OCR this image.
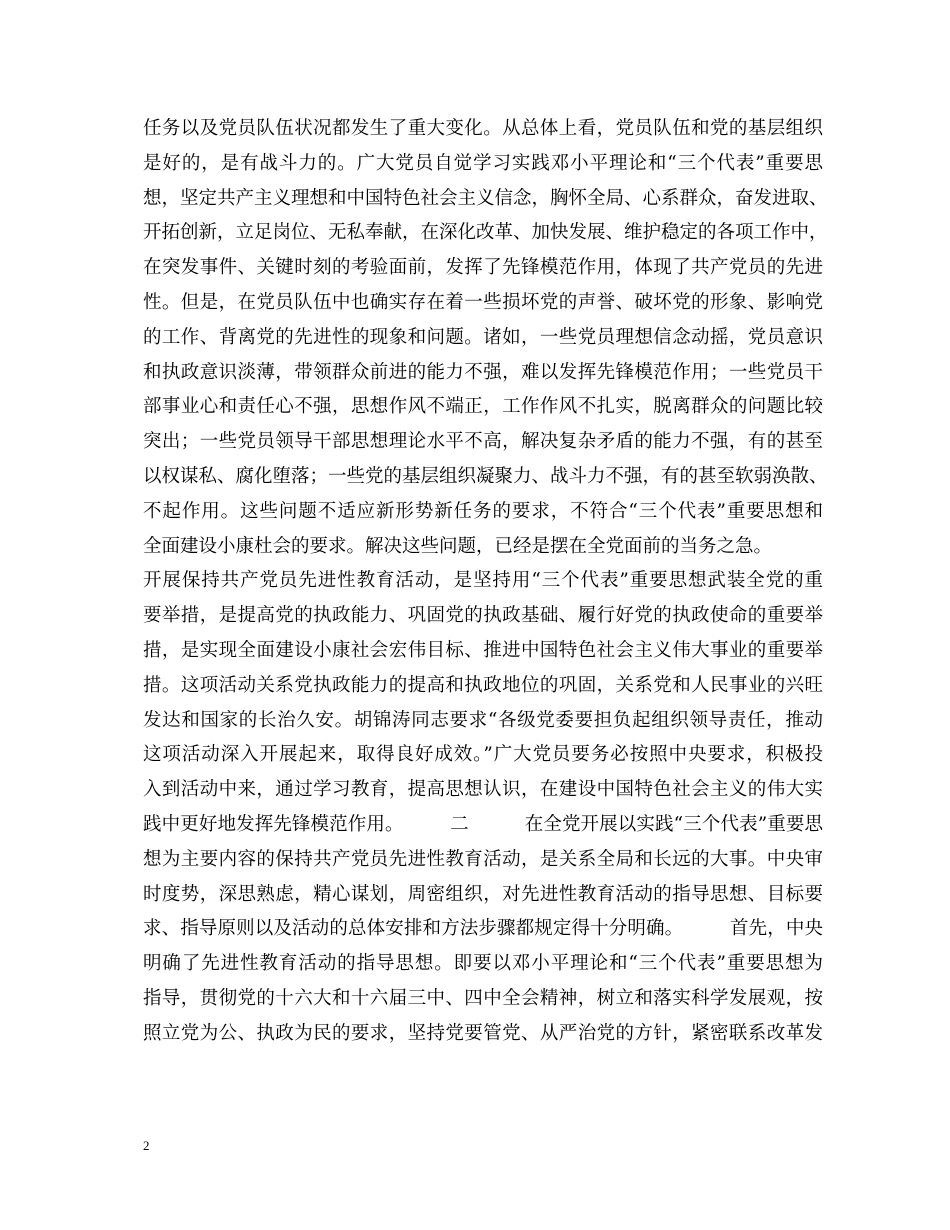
任务以及党员队伍状况都发生了重大变化。从总体上看，党员队伍和党的基层组织
是好的，是有战斗力的。广大党员自觉学习实践邓小平理论和“三个代表”重要思
想，坚定共产主义理想和中国特色社会主义信念，胸怀全局、心系群众，奋发进取、
开拓创新，立足岗位、无私奉献，在深化改革、加快发展、维护稳定的各项工作中，
在突发事件、关键时刻的考验面前，发挥了先锋模范作用，体现了共产党员的先进
性。但是，在党员队伍中也确实存在着一些损坏党的声誉、破坏党的形象、影响党
的工作、背离党的先进性的现象和问题。诸如，一些党员理想信念动摇，党员意识
和执政意识淡薄，带领群众前进的能力不强，难以发挥先锋模范作用；一些党员干
部事业心和责任心不强，思想作风不端正，工作作风不扎实，脱离群众的问题比较
突出；一些党员领导干部思想理论水平不高，解决复杂矛盾的能力不强，有的甚至
以权谋私、腐化堕落；一些党的基层组织凝聚力、战斗力不强，有的甚至软弱涣散、
不起作用。这些问题不适应新形势新任务的要求，不符合“三个代表”重要思想和
全面建设小康杜会的要求。解决这些问题，已经是摆在全党面前的当务之急。
开展保持共产党员先进性教育活动，是坚持用“三个代表”重要思想武装全党的重
要举措，是提高党的执政能力、巩固党的执政基础、履行好党的执政使命的重要举
措，是实现全面建设小康社会宏伟目标、推进中国特色社会主义伟大事业的重要举
措。这项活动关系党执政能力的提高和执政地位的巩固，关系党和人民事业的兴旺
发达和国家的长治久安。胡锦涛同志要求“各级党委要担负起组织领导责任，推动
这项活动深入开展起来，取得良好成效。”广大党员要务必按照中央要求，积极投
入到活动中来，通过学习教育，提高思想认识，在建设中国特色社会主义的伟大实
践中更好地发挥先锋模范作用。　　　二　　　在全党开展以实践“三个代表”重要思
想为主要内容的保持共产党员先进性教育活动，是关系全局和长远的大事。中央审
时度势，深思熟虑，精心谋划，周密组织，对先进性教育活动的指导思想、目标要
求、指导原则以及活动的总体安排和方法步骤都规定得十分明确。　　　首先，中央
明确了先进性教育活动的指导思想。即要以邓小平理论和“三个代表”重要思想为
指导，贯彻党的十六大和十六届三中、四中全会精神，树立和落实科学发展观，按
照立党为公、执政为民的要求，坚持党要管党、从严治党的方针，紧密联系改革发
2
